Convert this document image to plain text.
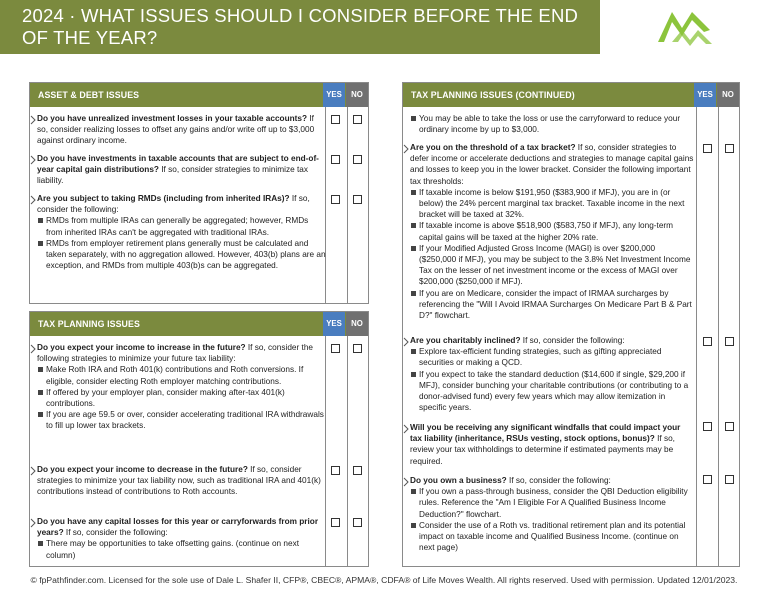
2024 · WHAT ISSUES SHOULD I CONSIDER BEFORE THE END OF THE YEAR?
ASSET & DEBT ISSUES	YES	NO
Do you have unrealized investment losses in your taxable accounts? If so, consider realizing losses to offset any gains and/or write off up to $3,000 against ordinary income.
Do you have investments in taxable accounts that are subject to end-of-year capital gain distributions? If so, consider strategies to minimize tax liability.
Are you subject to taking RMDs (including from inherited IRAs)? If so, consider the following:
RMDs from multiple IRAs can generally be aggregated; however, RMDs from inherited IRAs can't be aggregated with traditional IRAs.
RMDs from employer retirement plans generally must be calculated and taken separately, with no aggregation allowed. However, 403(b) plans are an exception, and RMDs from multiple 403(b)s can be aggregated.
TAX PLANNING ISSUES	YES	NO
Do you expect your income to increase in the future? If so, consider the following strategies to minimize your future tax liability:
Make Roth IRA and Roth 401(k) contributions and Roth conversions. If eligible, consider electing Roth employer matching contributions.
If offered by your employer plan, consider making after-tax 401(k) contributions.
If you are age 59.5 or over, consider accelerating traditional IRA withdrawals to fill up lower tax brackets.
Do you expect your income to decrease in the future? If so, consider strategies to minimize your tax liability now, such as traditional IRA and 401(k) contributions instead of contributions to Roth accounts.
Do you have any capital losses for this year or carryforwards from prior years? If so, consider the following:
There may be opportunities to take offsetting gains. (continue on next column)
TAX PLANNING ISSUES (CONTINUED)	YES	NO
You may be able to take the loss or use the carryforward to reduce your ordinary income by up to $3,000.
Are you on the threshold of a tax bracket? If so, consider strategies to defer income or accelerate deductions and strategies to manage capital gains and losses to keep you in the lower bracket. Consider the following important tax thresholds:
If taxable income is below $191,950 ($383,900 if MFJ), you are in (or below) the 24% percent marginal tax bracket. Taxable income in the next bracket will be taxed at 32%.
If taxable income is above $518,900 ($583,750 if MFJ), any long-term capital gains will be taxed at the higher 20% rate.
If your Modified Adjusted Gross Income (MAGI) is over $200,000 ($250,000 if MFJ), you may be subject to the 3.8% Net Investment Income Tax on the lesser of net investment income or the excess of MAGI over $200,000 ($250,000 if MFJ).
If you are on Medicare, consider the impact of IRMAA surcharges by referencing the "Will I Avoid IRMAA Surcharges On Medicare Part B & Part D?" flowchart.
Are you charitably inclined? If so, consider the following:
Explore tax-efficient funding strategies, such as gifting appreciated securities or making a QCD.
If you expect to take the standard deduction ($14,600 if single, $29,200 if MFJ), consider bunching your charitable contributions (or contributing to a donor-advised fund) every few years which may allow itemization in specific years.
Will you be receiving any significant windfalls that could impact your tax liability (inheritance, RSUs vesting, stock options, bonus)? If so, review your tax withholdings to determine if estimated payments may be required.
Do you own a business? If so, consider the following:
If you own a pass-through business, consider the QBI Deduction eligibility rules. Reference the "Am I Eligible For A Qualified Business Income Deduction?" flowchart.
Consider the use of a Roth vs. traditional retirement plan and its potential impact on taxable income and Qualified Business Income. (continue on next page)
© fpPathfinder.com. Licensed for the sole use of Dale L. Shafer II, CFP®, CBEC®, APMA®, CDFA® of Life Moves Wealth. All rights reserved. Used with permission. Updated 12/01/2023.
